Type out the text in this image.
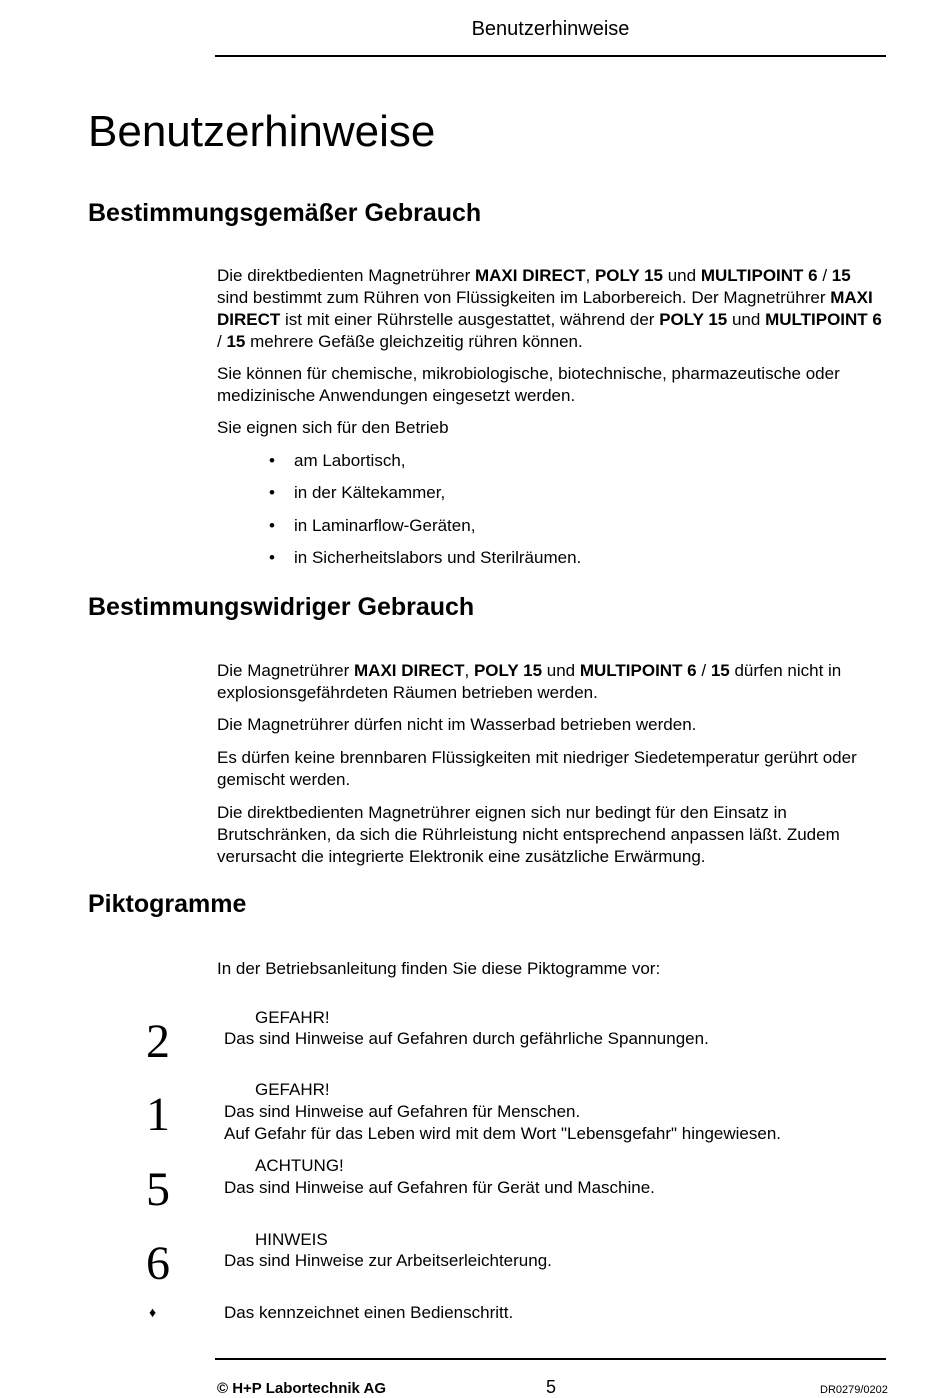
Benutzerhinweise
Benutzerhinweise
Bestimmungsgemäßer Gebrauch

Die direktbedienten Magnetrührer MAXI DIRECT, POLY 15 und MULTIPOINT 6 / 15 sind bestimmt zum Rühren von Flüssigkeiten im Laborbereich. Der Magnetrührer MAXI DIRECT ist mit einer Rührstelle ausgestattet, während der POLY 15 und MULTIPOINT 6 / 15 mehrere Gefäße gleichzeitig rühren können.

Sie können für chemische, mikrobiologische, biotechnische, pharmazeutische oder medizinische Anwendungen eingesetzt werden.
Sie eignen sich für den Betrieb
• am Labortisch,
• in der Kältekammer,
• in Laminarflow-Geräten,
• in Sicherheitslabors und Sterilräumen.
Bestimmungswidriger Gebrauch

Die Magnetrührer MAXI DIRECT, POLY 15 und MULTIPOINT 6 / 15 dürfen nicht in explosionsgefährdeten Räumen betrieben werden.

Die Magnetrührer dürfen nicht im Wasserbad betrieben werden.
Es dürfen keine brennbaren Flüssigkeiten mit niedriger Siedetemperatur gerührt oder gemischt werden.
Die direktbedienten Magnetrührer eignen sich nur bedingt für den Einsatz in Brutschränken, da sich die Rührleistung nicht entsprechend anpassen läßt. Zudem verursacht die integrierte Elektronik eine zusätzliche Erwärmung.
Piktogramme
In der Betriebsanleitung finden Sie diese Piktogramme vor:
2	GEFAHR!
Das sind Hinweise auf Gefahren durch gefährliche Spannungen.
1	GEFAHR!
Das sind Hinweise auf Gefahren für Menschen.
Auf Gefahr für das Leben wird mit dem Wort "Lebensgefahr" hingewiesen.
5	ACHTUNG!
Das sind Hinweise auf Gefahren für Gerät und Maschine.
6	HINWEIS
Das sind Hinweise zur Arbeitserleichterung.
♦	Das kennzeichnet einen Bedienschritt.
© H+P Labortechnik AG	5	DR0279/0202
